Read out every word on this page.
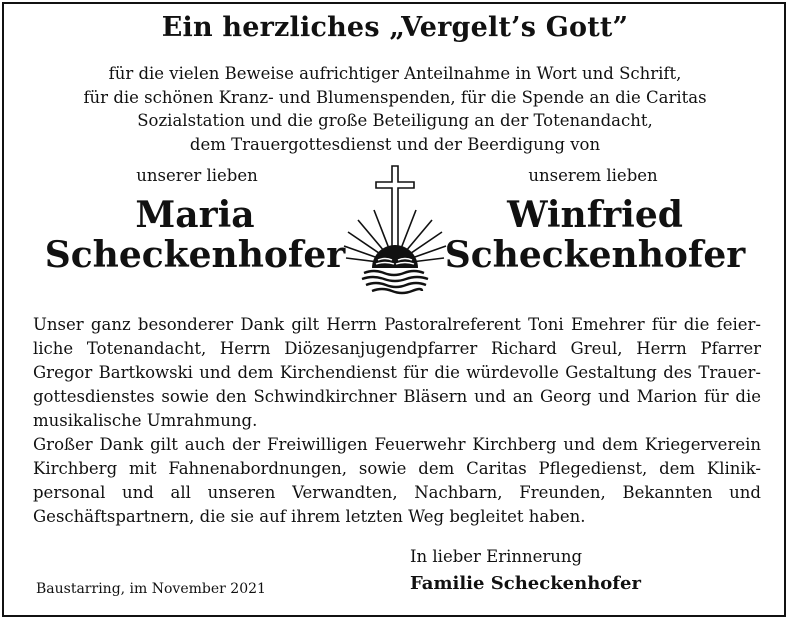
Ein herzliches „Vergelt’s Gott”
für die vielen Beweise aufrichtiger Anteilnahme in Wort und Schrift,
für die schönen Kranz- und Blumenspenden, für die Spende an die Caritas
Sozialstation und die große Beteiligung an der Totenandacht,
dem Trauergottesdienst und der Beerdigung von
unserer lieben	unserem lieben
Maria
Scheckenhofer
Winfried
Scheckenhofer
Unser ganz besonderer Dank gilt Herrn Pastoralreferent Toni Emehrer für die feier-
liche Totenandacht, Herrn Diözesanjugendpfarrer Richard Greul, Herrn Pfarrer
Gregor Bartkowski und dem Kirchendienst für die würdevolle Gestaltung des Trauer-
gottesdienstes sowie den Schwindkirchner Bläsern und an Georg und Marion für die
musikalische Umrahmung.
Großer Dank gilt auch der Freiwilligen Feuerwehr Kirchberg und dem Kriegerverein
Kirchberg mit Fahnenabordnungen, sowie dem Caritas Pflegedienst, dem Klinik-
personal und all unseren Verwandten, Nachbarn, Freunden, Bekannten und
Geschäftspartnern, die sie auf ihrem letzten Weg begleitet haben.
Baustarring, im November 2021
In lieber Erinnerung
Familie Scheckenhofer
